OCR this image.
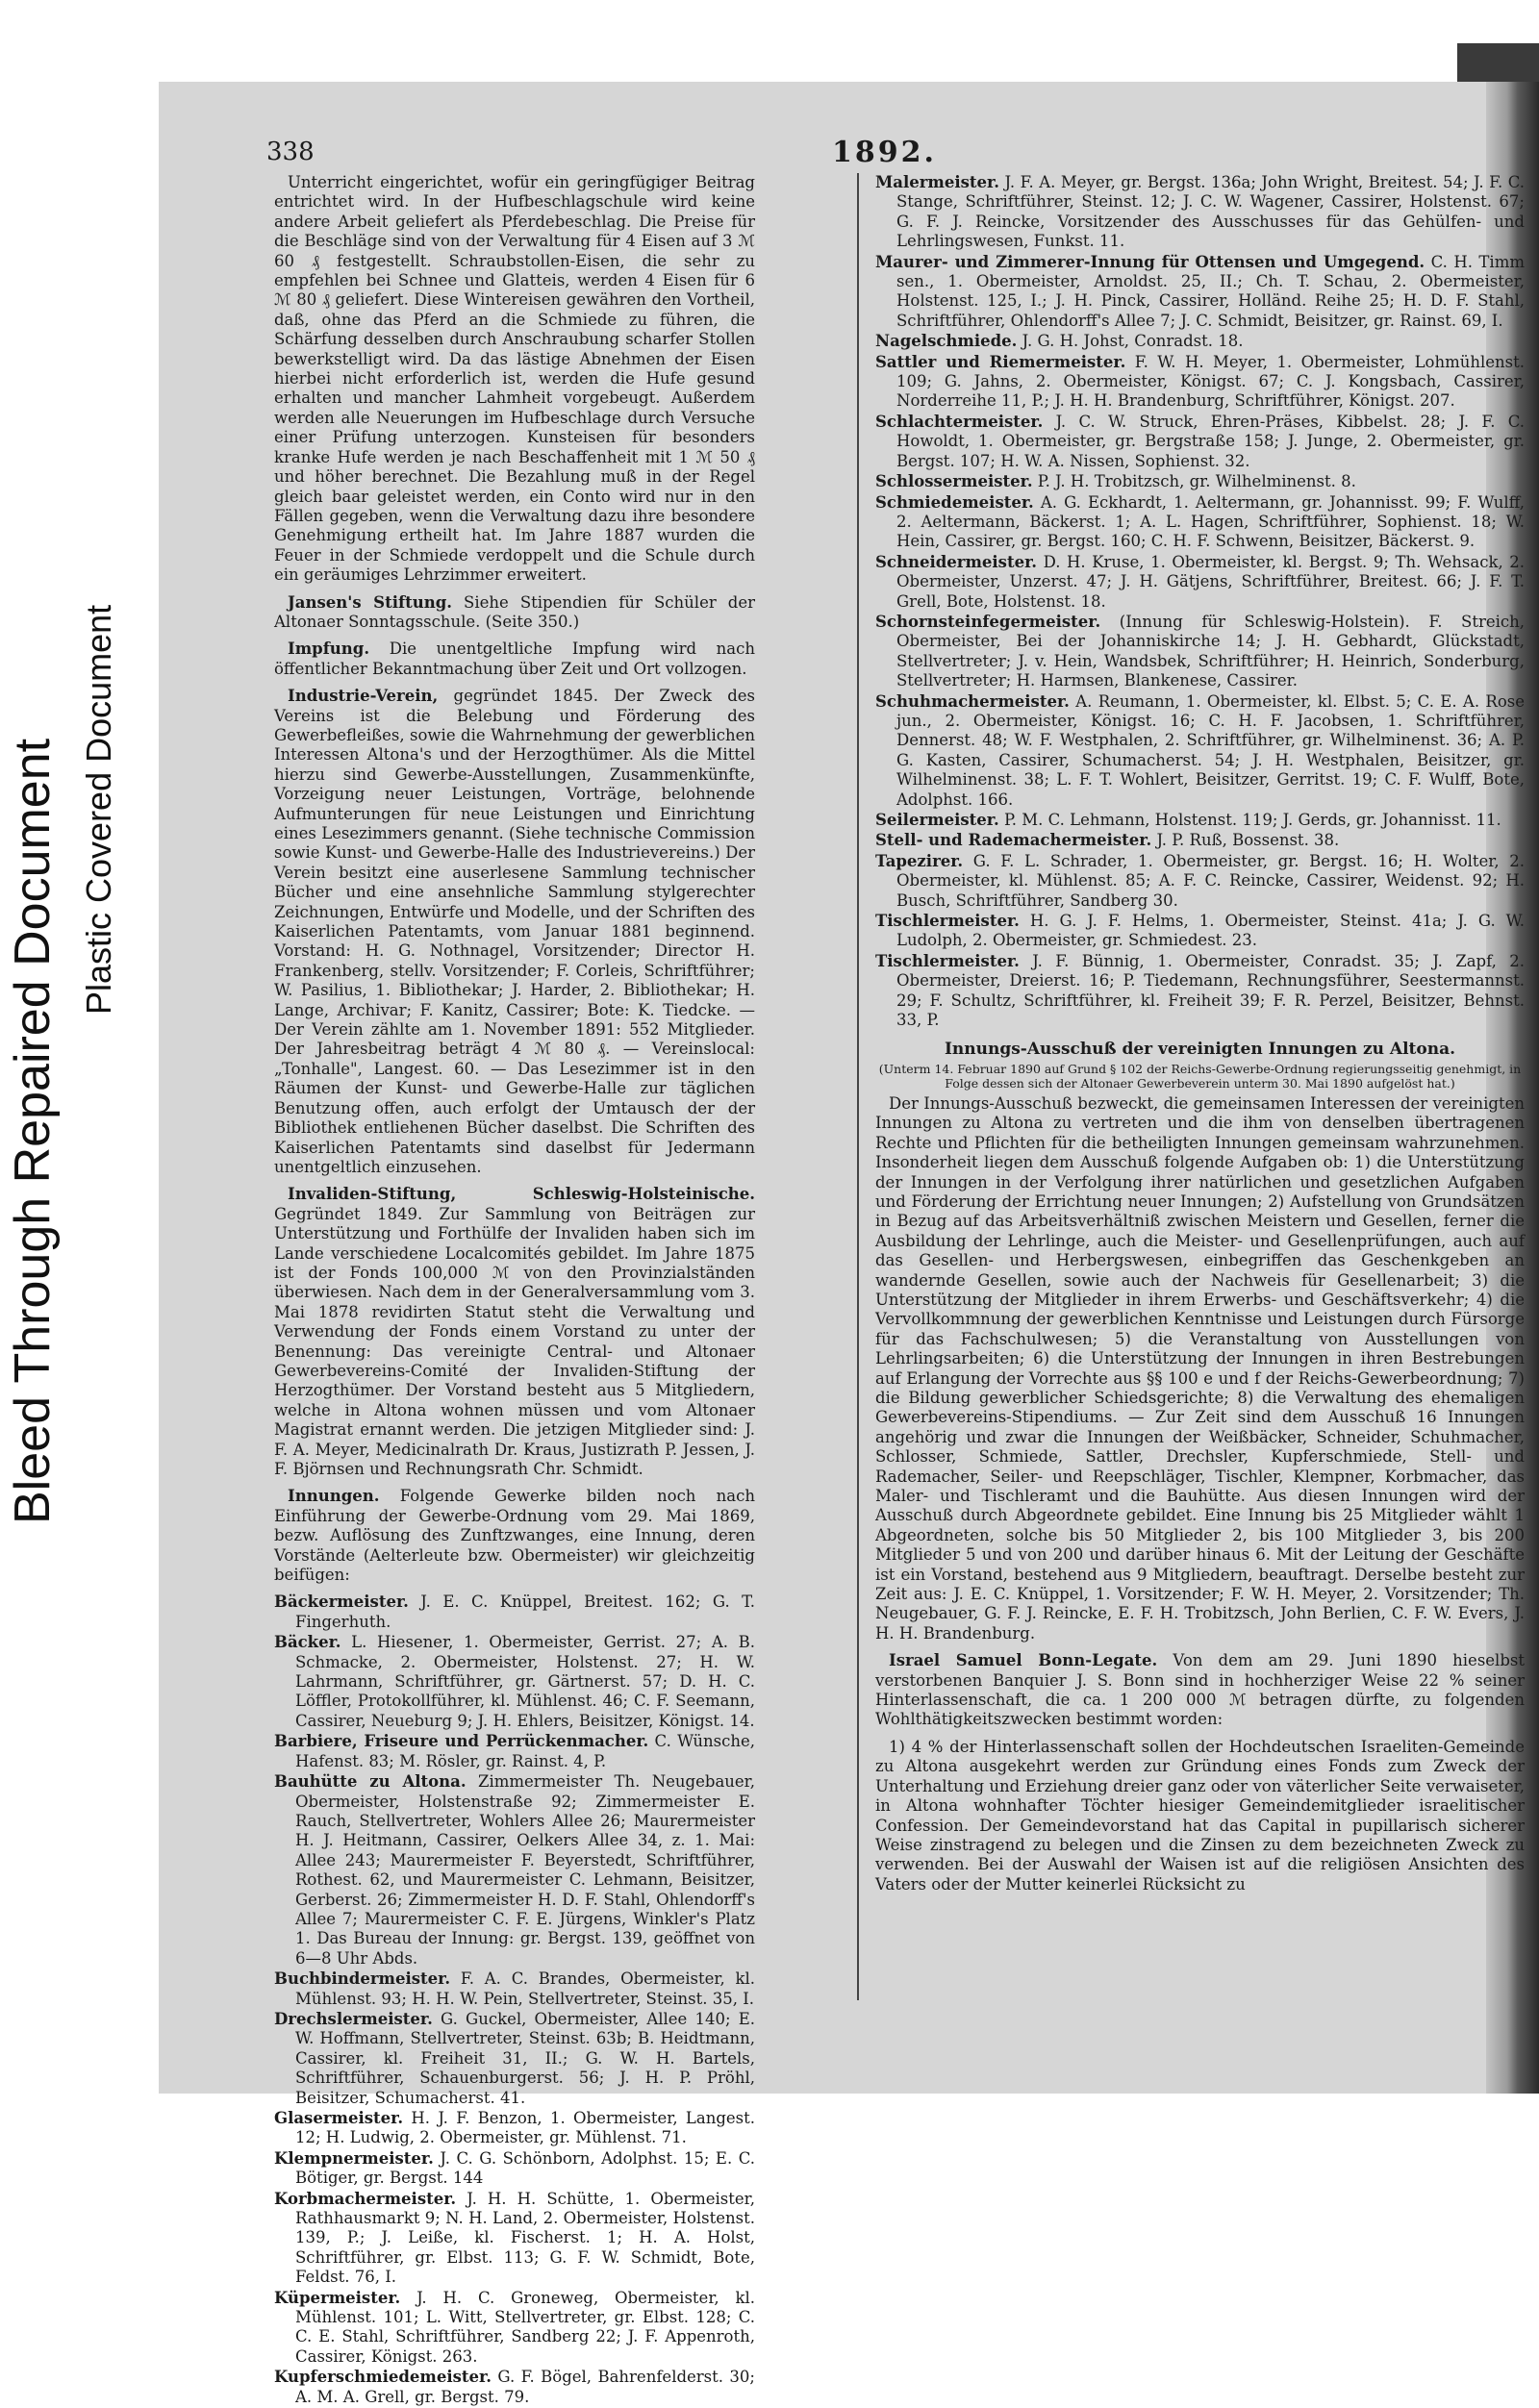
Bleed Through Repaired Document Plastic Covered Document
338	1892.
Unterricht eingerichtet, wofür ein geringfügiger Beitrag entrichtet wird. In der Hufbeschlagschule wird keine andere Arbeit geliefert als Pferdebeschlag. Die Preise für die Beschläge sind von der Verwaltung für 4 Eisen auf 3 ℳ 60 ₰ festgestellt. Schraubstollen-Eisen, die sehr zu empfehlen bei Schnee und Glatteis, werden 4 Eisen für 6 ℳ 80 ₰ geliefert. Diese Wintereisen gewähren den Vortheil, daß, ohne das Pferd an die Schmiede zu führen, die Schärfung desselben durch Anschraubung scharfer Stollen bewerkstelligt wird. Da das lästige Abnehmen der Eisen hierbei nicht erforderlich ist, werden die Hufe gesund erhalten und mancher Lahmheit vorgebeugt. Außerdem werden alle Neuerungen im Hufbeschlage durch Versuche einer Prüfung unterzogen. Kunsteisen für besonders kranke Hufe werden je nach Beschaffenheit mit 1 ℳ 50 ₰ und höher berechnet. Die Bezahlung muß in der Regel gleich baar geleistet werden, ein Conto wird nur in den Fällen gegeben, wenn die Verwaltung dazu ihre besondere Genehmigung ertheilt hat. Im Jahre 1887 wurden die Feuer in der Schmiede verdoppelt und die Schule durch ein geräumiges Lehrzimmer erweitert.
Jansen's Stiftung. Siehe Stipendien für Schüler der Altonaer Sonntagsschule. (Seite 350.)
Impfung. Die unentgeltliche Impfung wird nach öffentlicher Bekanntmachung über Zeit und Ort vollzogen.
Industrie-Verein, gegründet 1845. Der Zweck des Vereins ist die Belebung und Förderung des Gewerbefleißes, sowie die Wahrnehmung der gewerblichen Interessen Altona's und der Herzogthümer. Als die Mittel hierzu sind Gewerbe-Ausstellungen, Zusammenkünfte, Vorzeigung neuer Leistungen, Vorträge, belohnende Aufmunterungen für neue Leistungen und Einrichtung eines Lesezimmers genannt. (Siehe technische Commission sowie Kunst- und Gewerbe-Halle des Industrievereins.) Der Verein besitzt eine auserlesene Sammlung technischer Bücher und eine ansehnliche Sammlung stylgerechter Zeichnungen, Entwürfe und Modelle, und der Schriften des Kaiserlichen Patentamts, vom Januar 1881 beginnend. Vorstand: H. G. Nothnagel, Vorsitzender; Director H. Frankenberg, stellv. Vorsitzender; F. Corleis, Schriftführer; W. Pasilius, 1. Bibliothekar; J. Harder, 2. Bibliothekar; H. Lange, Archivar; F. Kanitz, Cassirer; Bote: K. Tiedcke. — Der Verein zählte am 1. November 1891: 552 Mitglieder. Der Jahresbeitrag beträgt 4 ℳ 80 ₰. — Vereinslocal: „Tonhalle", Langest. 60. — Das Lesezimmer ist in den Räumen der Kunst- und Gewerbe-Halle zur täglichen Benutzung offen, auch erfolgt der Umtausch der der Bibliothek entliehenen Bücher daselbst. Die Schriften des Kaiserlichen Patentamts sind daselbst für Jedermann unentgeltlich einzusehen.
Invaliden-Stiftung, Schleswig-Holsteinische. Gegründet 1849. Zur Sammlung von Beiträgen zur Unterstützung und Forthülfe der Invaliden haben sich im Lande verschiedene Localcomités gebildet. Im Jahre 1875 ist der Fonds 100,000 ℳ von den Provinzialständen überwiesen. Nach dem in der Generalversammlung vom 3. Mai 1878 revidirten Statut steht die Verwaltung und Verwendung der Fonds einem Vorstand zu unter der Benennung: Das vereinigte Central- und Altonaer Gewerbevereins-Comité der Invaliden-Stiftung der Herzogthümer. Der Vorstand besteht aus 5 Mitgliedern, welche in Altona wohnen müssen und vom Altonaer Magistrat ernannt werden. Die jetzigen Mitglieder sind: J. F. A. Meyer, Medicinalrath Dr. Kraus, Justizrath P. Jessen, J. F. Björnsen und Rechnungsrath Chr. Schmidt.
Innungen. Folgende Gewerke bilden noch nach Einführung der Gewerbe-Ordnung vom 29. Mai 1869, bezw. Auflösung des Zunftzwanges, eine Innung, deren Vorstände (Aelterleute bzw. Obermeister) wir gleichzeitig beifügen:
Bäckermeister. J. E. C. Knüppel, Breitest. 162; G. T. Fingerhuth.
Bäcker. L. Hiesener, 1. Obermeister, Gerrist. 27; A. B. Schmacke, 2. Obermeister, Holstenst. 27; H. W. Lahrmann, Schriftführer, gr. Gärtnerst. 57; D. H. C. Löffler, Protokollführer, kl. Mühlenst. 46; C. F. Seemann, Cassirer, Neueburg 9; J. H. Ehlers, Beisitzer, Königst. 14.
Barbiere, Friseure und Perrückenmacher. C. Wünsche, Hafenst. 83; M. Rösler, gr. Rainst. 4, P.
Bauhütte zu Altona. Zimmermeister Th. Neugebauer, Obermeister, Holstenstraße 92; Zimmermeister E. Rauch, Stellvertreter, Wohlers Allee 26; Maurermeister H. J. Heitmann, Cassirer, Oelkers Allee 34, z. 1. Mai: Allee 243; Maurermeister F. Beyerstedt, Schriftführer, Rothest. 62, und Maurermeister C. Lehmann, Beisitzer, Gerberst. 26; Zimmermeister H. D. F. Stahl, Ohlendorff's Allee 7; Maurermeister C. F. E. Jürgens, Winkler's Platz 1. Das Bureau der Innung: gr. Bergst. 139, geöffnet von 6—8 Uhr Abds.
Buchbindermeister. F. A. C. Brandes, Obermeister, kl. Mühlenst. 93; H. H. W. Pein, Stellvertreter, Steinst. 35, I.
Drechslermeister. G. Guckel, Obermeister, Allee 140; E. W. Hoffmann, Stellvertreter, Steinst. 63b; B. Heidtmann, Cassirer, kl. Freiheit 31, II.; G. W. H. Bartels, Schriftführer, Schauenburgerst. 56; J. H. P. Pröhl, Beisitzer, Schumacherst. 41.
Glasermeister. H. J. F. Benzon, 1. Obermeister, Langest. 12; H. Ludwig, 2. Obermeister, gr. Mühlenst. 71.
Klempnermeister. J. C. G. Schönborn, Adolphst. 15; E. C. Bötiger, gr. Bergst. 144
Korbmachermeister. J. H. H. Schütte, 1. Obermeister, Rathhausmarkt 9; N. H. Land, 2. Obermeister, Holstenst. 139, P.; J. Leiße, kl. Fischerst. 1; H. A. Holst, Schriftführer, gr. Elbst. 113; G. F. W. Schmidt, Bote, Feldst. 76, I.
Küpermeister. J. H. C. Groneweg, Obermeister, kl. Mühlenst. 101; L. Witt, Stellvertreter, gr. Elbst. 128; C. C. E. Stahl, Schriftführer, Sandberg 22; J. F. Appenroth, Cassirer, Königst. 263.
Kupferschmiedemeister. G. F. Bögel, Bahrenfelderst. 30; A. M. A. Grell, gr. Bergst. 79.
Malermeister. J. F. A. Meyer, gr. Bergst. 136a; John Wright, Breitest. 54; J. F. C. Stange, Schriftführer, Steinst. 12; J. C. W. Wagener, Cassirer, Holstenst. 67; G. F. J. Reincke, Vorsitzender des Ausschusses für das Gehülfen- und Lehrlingswesen, Funkst. 11.
Maurer- und Zimmerer-Innung für Ottensen und Umgegend. C. H. Timm sen., 1. Obermeister, Arnoldst. 25, II.; Ch. T. Schau, 2. Obermeister, Holstenst. 125, I.; J. H. Pinck, Cassirer, Holländ. Reihe 25; H. D. F. Stahl, Schriftführer, Ohlendorff's Allee 7; J. C. Schmidt, Beisitzer, gr. Rainst. 69, I.
Nagelschmiede. J. G. H. Johst, Conradst. 18.
Sattler und Riemermeister. F. W. H. Meyer, 1. Obermeister, Lohmühlenst. 109; G. Jahns, 2. Obermeister, Königst. 67; C. J. Kongsbach, Cassirer, Norderreihe 11, P.; J. H. H. Brandenburg, Schriftführer, Königst. 207.
Schlachtermeister. J. C. W. Struck, Ehren-Präses, Kibbelst. 28; J. F. C. Howoldt, 1. Obermeister, gr. Bergstraße 158; J. Junge, 2. Obermeister, gr. Bergst. 107; H. W. A. Nissen, Sophienst. 32.
Schlossermeister. P. J. H. Trobitzsch, gr. Wilhelminenst. 8.
Schmiedemeister. A. G. Eckhardt, 1. Aeltermann, gr. Johannisst. 99; F. Wulff, 2. Aeltermann, Bäckerst. 1; A. L. Hagen, Schriftführer, Sophienst. 18; W. Hein, Cassirer, gr. Bergst. 160; C. H. F. Schwenn, Beisitzer, Bäckerst. 9.
Schneidermeister. D. H. Kruse, 1. Obermeister, kl. Bergst. 9; Th. Wehsack, 2. Obermeister, Unzerst. 47; J. H. Gätjens, Schriftführer, Breitest. 66; J. F. T. Grell, Bote, Holstenst. 18.
Schornsteinfegermeister. (Innung für Schleswig-Holstein). F. Streich, Obermeister, Bei der Johanniskirche 14; J. H. Gebhardt, Glückstadt, Stellvertreter; J. v. Hein, Wandsbek, Schriftführer; H. Heinrich, Sonderburg, Stellvertreter; H. Harmsen, Blankenese, Cassirer.
Schuhmachermeister. A. Reumann, 1. Obermeister, kl. Elbst. 5; C. E. A. Rose jun., 2. Obermeister, Königst. 16; C. H. F. Jacobsen, 1. Schriftführer, Dennerst. 48; W. F. Westphalen, 2. Schriftführer, gr. Wilhelminenst. 36; A. P. G. Kasten, Cassirer, Schumacherst. 54; J. H. Westphalen, Beisitzer, gr. Wilhelminenst. 38; L. F. T. Wohlert, Beisitzer, Gerritst. 19; C. F. Wulff, Bote, Adolphst. 166.
Seilermeister. P. M. C. Lehmann, Holstenst. 119; J. Gerds, gr. Johannisst. 11.
Stell- und Rademachermeister. J. P. Ruß, Bossenst. 38.
Tapezirer. G. F. L. Schrader, 1. Obermeister, gr. Bergst. 16; H. Wolter, 2. Obermeister, kl. Mühlenst. 85; A. F. C. Reincke, Cassirer, Weidenst. 92; H. Busch, Schriftführer, Sandberg 30.
Tischlermeister. H. G. J. F. Helms, 1. Obermeister, Steinst. 41a; J. G. W. Ludolph, 2. Obermeister, gr. Schmiedest. 23.
Tischlermeister. J. F. Bünnig, 1. Obermeister, Conradst. 35; J. Zapf, 2. Obermeister, Dreierst. 16; P. Tiedemann, Rechnungsführer, Seestermannst. 29; F. Schultz, Schriftführer, kl. Freiheit 39; F. R. Perzel, Beisitzer, Behnst. 33, P.
Innungs-Ausschuß der vereinigten Innungen zu Altona.
(Unterm 14. Februar 1890 auf Grund § 102 der Reichs-Gewerbe-Ordnung regierungsseitig genehmigt, in Folge dessen sich der Altonaer Gewerbeverein unterm 30. Mai 1890 aufgelöst hat.)
Der Innungs-Ausschuß bezweckt, die gemeinsamen Interessen der vereinigten Innungen zu Altona zu vertreten und die ihm von denselben übertragenen Rechte und Pflichten für die betheiligten Innungen gemeinsam wahrzunehmen. Insonderheit liegen dem Ausschuß folgende Aufgaben ob: 1) die Unterstützung der Innungen in der Verfolgung ihrer natürlichen und gesetzlichen Aufgaben und Förderung der Errichtung neuer Innungen; 2) Aufstellung von Grundsätzen in Bezug auf das Arbeitsverhältniß zwischen Meistern und Gesellen, ferner die Ausbildung der Lehrlinge, auch die Meister- und Gesellenprüfungen, auch auf das Gesellen- und Herbergswesen, einbegriffen das Geschenkgeben an wandernde Gesellen, sowie auch der Nachweis für Gesellenarbeit; 3) die Unterstützung der Mitglieder in ihrem Erwerbs- und Geschäftsverkehr; 4) die Vervollkommnung der gewerblichen Kenntnisse und Leistungen durch Fürsorge für das Fachschulwesen; 5) die Veranstaltung von Ausstellungen von Lehrlingsarbeiten; 6) die Unterstützung der Innungen in ihren Bestrebungen auf Erlangung der Vorrechte aus §§ 100 e und f der Reichs-Gewerbeordnung; 7) die Bildung gewerblicher Schiedsgerichte; 8) die Verwaltung des ehemaligen Gewerbevereins-Stipendiums. — Zur Zeit sind dem Ausschuß 16 Innungen angehörig und zwar die Innungen der Weißbäcker, Schneider, Schuhmacher, Schlosser, Schmiede, Sattler, Drechsler, Kupferschmiede, Stell- und Rademacher, Seiler- und Reepschläger, Tischler, Klempner, Korbmacher, das Maler- und Tischleramt und die Bauhütte. Aus diesen Innungen wird der Ausschuß durch Abgeordnete gebildet. Eine Innung bis 25 Mitglieder wählt 1 Abgeordneten, solche bis 50 Mitglieder 2, bis 100 Mitglieder 3, bis 200 Mitglieder 5 und von 200 und darüber hinaus 6. Mit der Leitung der Geschäfte ist ein Vorstand, bestehend aus 9 Mitgliedern, beauftragt. Derselbe besteht zur Zeit aus: J. E. C. Knüppel, 1. Vorsitzender; F. W. H. Meyer, 2. Vorsitzender; Th. Neugebauer, G. F. J. Reincke, E. F. H. Trobitzsch, John Berlien, C. F. W. Evers, J. H. H. Brandenburg.
Israel Samuel Bonn-Legate. Von dem am 29. Juni 1890 hieselbst verstorbenen Banquier J. S. Bonn sind in hochherziger Weise 22 % seiner Hinterlassenschaft, die ca. 1 200 000 ℳ betragen dürfte, zu folgenden Wohlthätigkeitszwecken bestimmt worden:
1) 4 % der Hinterlassenschaft sollen der Hochdeutschen Israeliten-Gemeinde zu Altona ausgekehrt werden zur Gründung eines Fonds zum Zweck der Unterhaltung und Erziehung dreier ganz oder von väterlicher Seite verwaiseter, in Altona wohnhafter Töchter hiesiger Gemeindemitglieder israelitischer Confession. Der Gemeindevorstand hat das Capital in pupillarisch sicherer Weise zinstragend zu belegen und die Zinsen zu dem bezeichneten Zweck zu verwenden. Bei der Auswahl der Waisen ist auf die religiösen Ansichten des Vaters oder der Mutter keinerlei Rücksicht zu
